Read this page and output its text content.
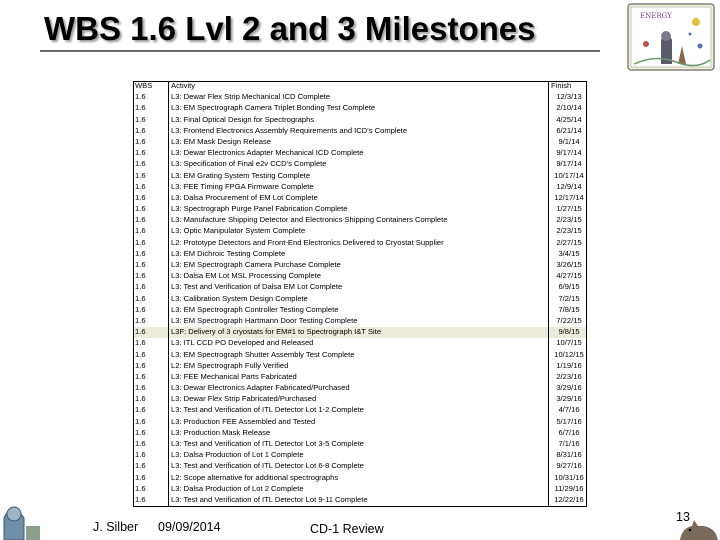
WBS 1.6 Lvl 2 and 3 Milestones	ENERGY
WBS	Activity	Finish
1.6	L3: Dewar Flex Strip Mechanical ICD Complete	12/3/13
1.6	L3: EM Spectrograph Camera Triplet Bonding Test Complete	2/10/14
1.6	L3: Final Optical Design for Spectrographs	4/25/14
1.6	L3: Frontend Electronics Assembly Requirements and ICD's Complete	6/21/14
1.6	L3: EM Mask Design Release	9/1/14
1.6	L3: Dewar Electronics Adapter Mechanical ICD Complete	9/17/14
1.6	L3: Specification of Final e2v CCD's Complete	9/17/14
1.6	L3: EM Grating System Testing Complete	10/17/14
1.6	L3: FEE Timing FPGA Firmware Complete	12/9/14
1.6	L3: Dalsa Procurement of EM Lot Complete	12/17/14
1.6	L3: Spectrograph Purge Panel Fabrication Complete	1/27/15
1.6	L3: Manufacture Shipping Detector and Electronics Shipping Containers Complete	2/23/15
1.6	L3: Optic Manipulator System Complete	2/23/15
1.6	L2: Prototype Detectors and Front-End Electronics Delivered to Cryostat Supplier	2/27/15
1.6	L3: EM Dichroic Testing Complete	3/4/15
1.6	L3: EM Spectrograph Camera Purchase Complete	3/26/15
1.6	L3: Dalsa EM Lot MSL Processing Complete	4/27/15
1.6	L3: Test and Verification of Dalsa EM Lot Complete	6/9/15
1.6	L3: Calibration System Design Complete	7/2/15
1.6	L3: EM Spectrograph Controller Testing Complete	7/8/15
1.6	L3: EM Spectrograph Hartmann Door Testing Complete	7/22/15
1.6	L3F: Delivery of 3 cryostats for EM#1 to Spectrograph I&T Site	9/8/15
1.6	L3: ITL CCD PO Developed and Released	10/7/15
1.6	L3: EM Spectrograph Shutter Assembly Test Complete	10/12/15
1.6	L2: EM Spectrograph Fully Verified	1/19/16
1.6	L3: FEE Mechanical Parts Fabricated	2/23/16
1.6	L3: Dewar Electronics Adapter Fabricated/Purchased	3/29/16
1.6	L3: Dewar Flex Strip Fabricated/Purchased	3/29/16
1.6	L3: Test and Verification of ITL Detector Lot 1-2 Complete	4/7/16
1.6	L3: Production FEE Assembled and Tested	5/17/16
1.6	L3: Production Mask Release	6/7/16
1.6	L3: Test and Verification of ITL Detector Lot 3-5 Complete	7/1/16
1.6	L3: Dalsa Production of Lot 1 Complete	8/31/16
1.6	L3: Test and Verification of ITL Detector Lot 6-8 Complete	9/27/16
1.6	L2: Scope alternative for additional spectrographs	10/31/16
1.6	L3: Dalsa Production of Lot 2 Complete	11/29/16
1.6	L3: Test and Verification of ITL Detector Lot 9-11 Complete	12/22/16
J. Silber 09/09/2014	CD-1 Review
13
